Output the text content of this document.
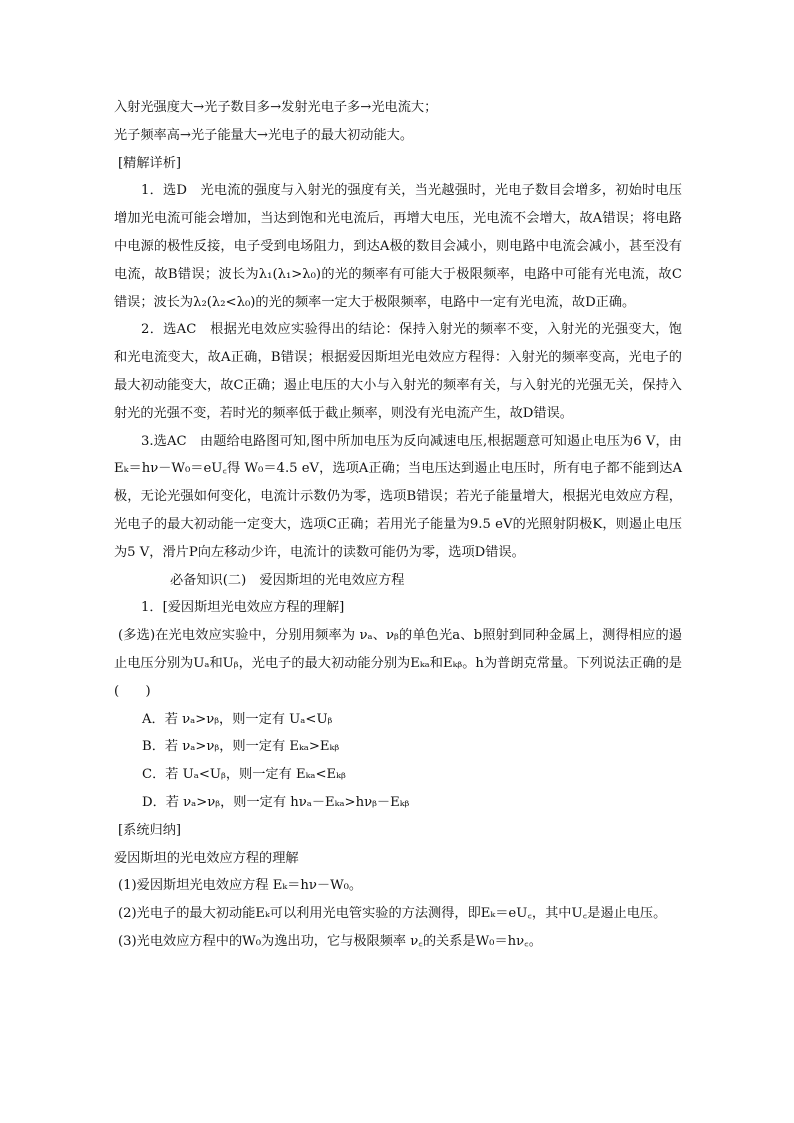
入射光强度大→光子数目多→发射光电子多→光电流大；

光子频率高→光子能量大→光电子的最大初动能大。

[精解详析]

1．选D　光电流的强度与入射光的强度有关，当光越强时，光电子数目会增多，初始时电压增加光电流可能会增加，当达到饱和光电流后，再增大电压，光电流不会增大，故A错误；将电路中电源的极性反接，电子受到电场阻力，到达A极的数目会减小，则电路中电流会减小，甚至没有电流，故B错误；波长为λ₁(λ₁>λ₀)的光的频率有可能大于极限频率，电路中可能有光电流，故C错误；波长为λ₂(λ₂<λ₀)的光的频率一定大于极限频率，电路中一定有光电流，故D正确。

2．选AC　根据光电效应实验得出的结论：保持入射光的频率不变，入射光的光强变大，饱和光电流变大，故A正确，B错误；根据爱因斯坦光电效应方程得：入射光的频率变高，光电子的最大初动能变大，故C正确；遏止电压的大小与入射光的频率有关，与入射光的光强无关，保持入射光的光强不变，若时光的频率低于截止频率，则没有光电流产生，故D错误。

3.选AC　由题给电路图可知,图中所加电压为反向减速电压,根据题意可知遏止电压为6 V，由 Eₖ＝hν－W₀＝eU꜀得 W₀＝4.5 eV，选项A正确；当电压达到遏止电压时，所有电子都不能到达A极，无论光强如何变化，电流计示数仍为零，选项B错误；若光子能量增大，根据光电效应方程，光电子的最大初动能一定变大，选项C正确；若用光子能量为9.5 eV的光照射阴极K，则遏止电压为5 V，滑片P向左移动少许，电流计的读数可能仍为零，选项D错误。

必备知识(二)　爱因斯坦的光电效应方程

1．[爱因斯坦光电效应方程的理解]

(多选)在光电效应实验中，分别用频率为 νₐ、νᵦ的单色光a、b照射到同种金属上，测得相应的遏止电压分别为Uₐ和Uᵦ，光电子的最大初动能分别为Eₖₐ和Eₖᵦ。h为普朗克常量。下列说法正确的是(　　)

A．若 νₐ>νᵦ，则一定有 Uₐ<Uᵦ

B．若 νₐ>νᵦ，则一定有 Eₖₐ>Eₖᵦ

C．若 Uₐ<Uᵦ，则一定有 Eₖₐ<Eₖᵦ

D．若 νₐ>νᵦ，则一定有 hνₐ－Eₖₐ>hνᵦ－Eₖᵦ

[系统归纳]

爱因斯坦的光电效应方程的理解

(1)爱因斯坦光电效应方程 Eₖ＝hν－W₀。

(2)光电子的最大初动能Eₖ可以利用光电管实验的方法测得，即Eₖ＝eU꜀，其中U꜀是遏止电压。

(3)光电效应方程中的W₀为逸出功，它与极限频率 ν꜀的关系是W₀＝hν꜀。
